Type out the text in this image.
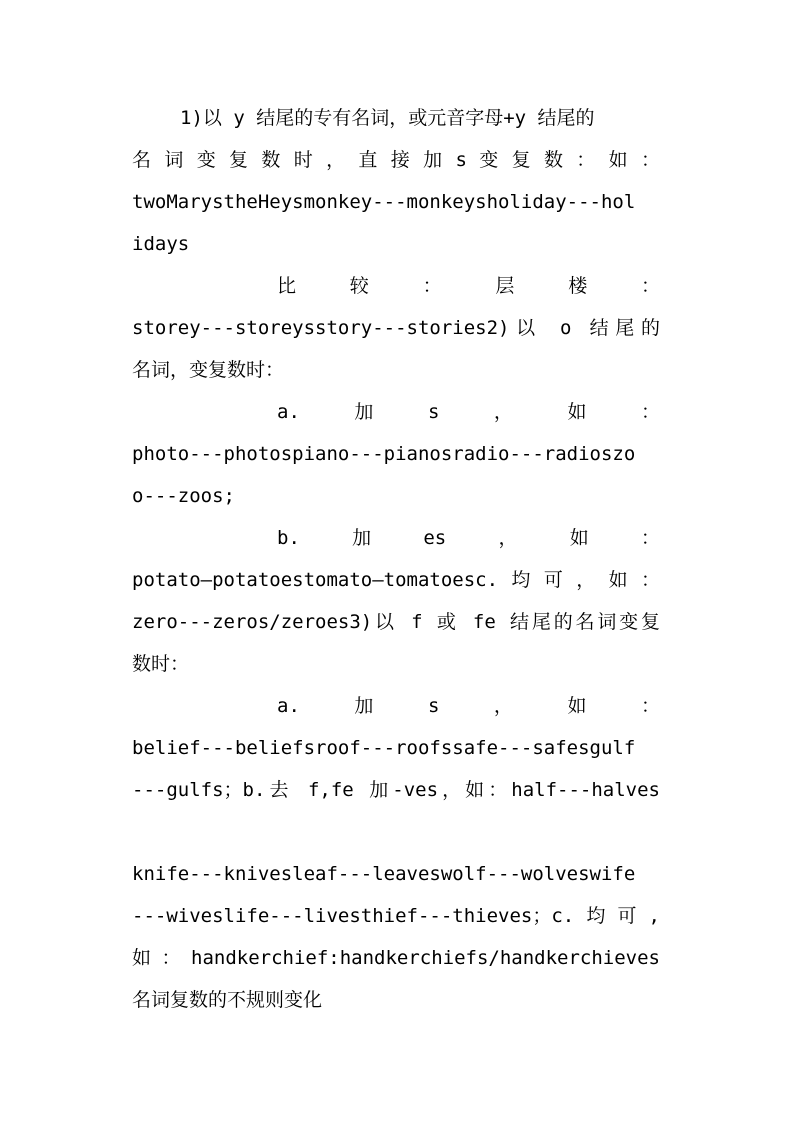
1)以 y 结尾的专有名词，或元音字母+y 结尾的
名 词 变 复 数 时 ， 直 接 加 s 变 复 数 ： 如 ：
twoMarystheHeysmonkey---monkeysholiday---hol
idays
比	较	：	层	楼	：
storey---storeysstory---stories2)以 o 结尾的
名词，变复数时：
a.	加	s	，	如	：
photo---photospiano---pianosradio---radioszo
o---zoos;
b.	加	es	，	如	：
potato—potatoestomato—tomatoesc.均可，如：
zero---zeros/zeroes3)以 f 或 fe 结尾的名词变复
数时：
a.	加	s	，	如	：
belief---beliefsroof---roofssafe---safesgulf
---gulfs；b.去 f,fe 加-ves，如：half---halves
knife---knivesleaf---leaveswolf---wolveswife
---wiveslife---livesthief---thieves；c.均可,
如：handkerchief:handkerchiefs/handkerchieves
名词复数的不规则变化
